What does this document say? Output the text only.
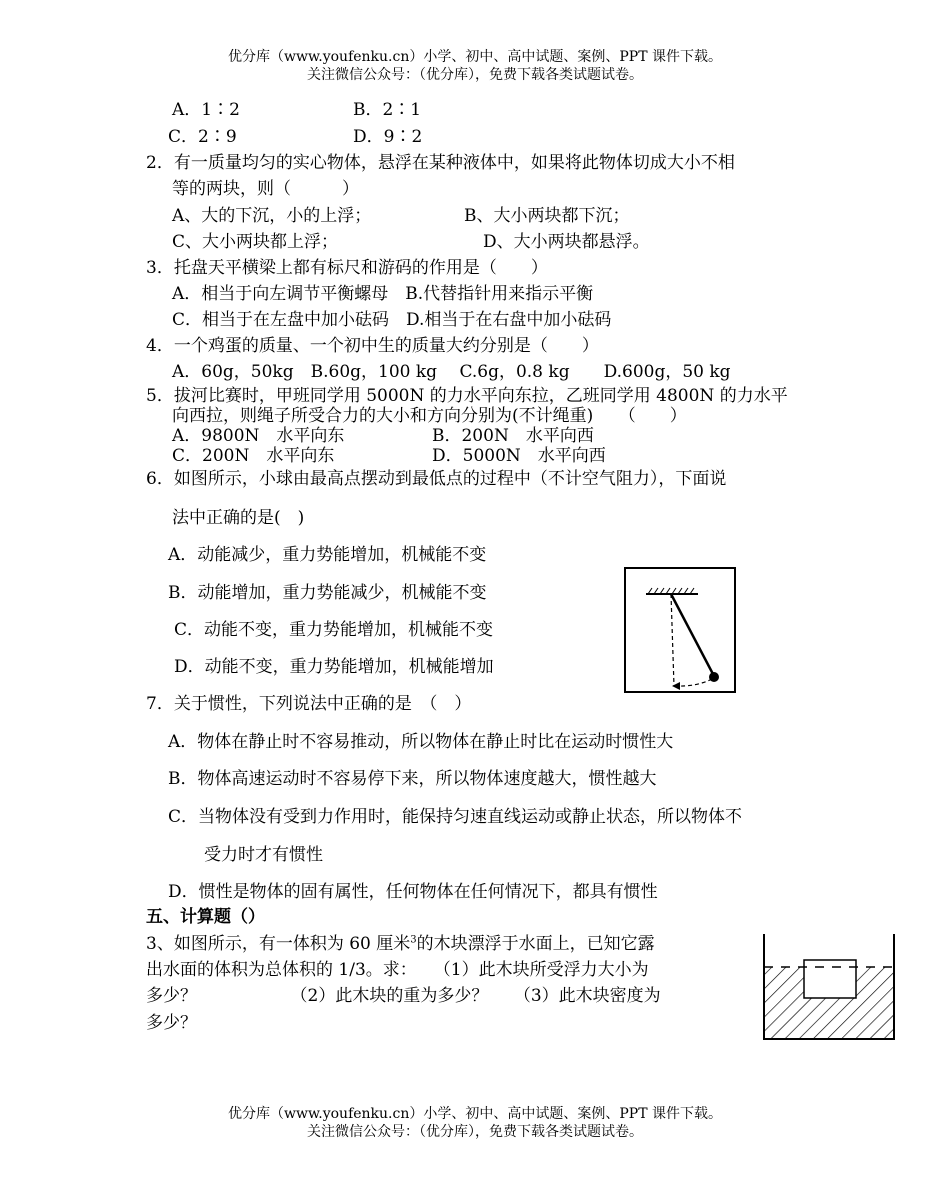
优分库（www.youfenku.cn）小学、初中、高中试题、案例、PPT 课件下载。
关注微信公众号：（优分库），免费下载各类试题试卷。
A．1∶2	B．2∶1
C．2∶9	D．9∶2
2．有一质量均匀的实心物体，悬浮在某种液体中，如果将此物体切成大小不相
等的两块，则（　　　）
A、大的下沉，小的上浮；	B、大小两块都下沉；
C、大小两块都上浮；	D、大小两块都悬浮。
3．托盘天平横梁上都有标尺和游码的作用是（　　）
A．相当于向左调节平衡螺母　B.代替指针用来指示平衡
C．相当于在左盘中加小砝码　D.相当于在右盘中加小砝码
4．一个鸡蛋的质量、一个初中生的质量大约分别是（　　）
A．60g，50kg　B.60g，100 kg　 C.6g，0.8 kg　　D.600g，50 kg
5．拔河比赛时，甲班同学用 5000N 的力水平向东拉，乙班同学用 4800N 的力水平
向西拉，则绳子所受合力的大小和方向分别为(不计绳重)　　（　　）
A．9800N　水平向东	B．200N　水平向西
C．200N　水平向东	D．5000N　水平向西
6．如图所示，小球由最高点摆动到最低点的过程中（不计空气阻力），下面说
法中正确的是(　)
A．动能减少，重力势能增加，机械能不变
B．动能增加，重力势能减少，机械能不变
C．动能不变，重力势能增加，机械能不变
D．动能不变，重力势能增加，机械能增加
7．关于惯性，下列说法中正确的是　（　）
A．物体在静止时不容易推动，所以物体在静止时比在运动时惯性大
B．物体高速运动时不容易停下来，所以物体速度越大，惯性越大
C．当物体没有受到力作用时，能保持匀速直线运动或静止状态，所以物体不
受力时才有惯性
D．惯性是物体的固有属性，任何物体在任何情况下，都具有惯性
五、计算题（）
3、如图所示，有一体积为 60 厘米$^3$的木块漂浮于水面上，已知它露
出水面的体积为总体积的 1/3。求：　　（1）此木块所受浮力大小为
多少？　　　　　　（2）此木块的重为多少？　　（3）此木块密度为
多少？
优分库（www.youfenku.cn）小学、初中、高中试题、案例、PPT 课件下载。
关注微信公众号：（优分库），免费下载各类试题试卷。
